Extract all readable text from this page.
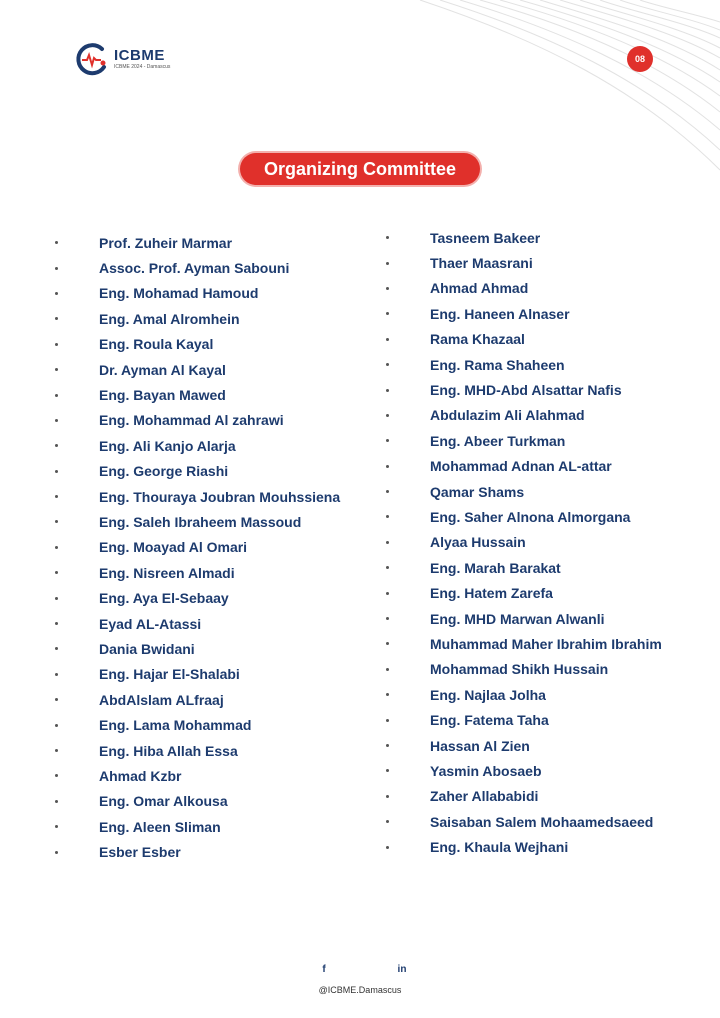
ICBME
ICBME 2024 - Damascus
08
Organizing Committee
Prof. Zuheir Marmar
Assoc. Prof. Ayman Sabouni
Eng. Mohamad Hamoud
Eng. Amal Alromhein
Eng. Roula Kayal
Dr. Ayman Al Kayal
Eng. Bayan Mawed
Eng. Mohammad Al zahrawi
Eng. Ali Kanjo Alarja
Eng. George Riashi
Eng. Thouraya Joubran Mouhssiena
Eng. Saleh Ibraheem Massoud
Eng. Moayad Al Omari
Eng. Nisreen Almadi
Eng. Aya El-Sebaay
Eyad AL-Atassi
Dania Bwidani
Eng. Hajar El-Shalabi
AbdAlslam ALfraaj
Eng. Lama Mohammad
Eng. Hiba Allah Essa
Ahmad Kzbr
Eng. Omar Alkousa
Eng. Aleen Sliman
Esber Esber
Tasneem Bakeer
Thaer Maasrani
Ahmad Ahmad
Eng. Haneen Alnaser
Rama Khazaal
Eng. Rama Shaheen
Eng. MHD-Abd Alsattar Nafis
Abdulazim Ali Alahmad
Eng. Abeer Turkman
Mohammad Adnan AL-attar
Qamar Shams
Eng. Saher Alnona Almorgana
Alyaa Hussain
Eng. Marah Barakat
Eng. Hatem Zarefa
Eng. MHD Marwan Alwanli
Muhammad Maher Ibrahim Ibrahim
Mohammad Shikh Hussain
Eng. Najlaa Jolha
Eng. Fatema Taha
Hassan Al Zien
Yasmin Abosaeb
Zaher Allababidi
Saisaban Salem Mohaamedsaeed
Eng. Khaula Wejhani
f	in
@ICBME.Damascus
